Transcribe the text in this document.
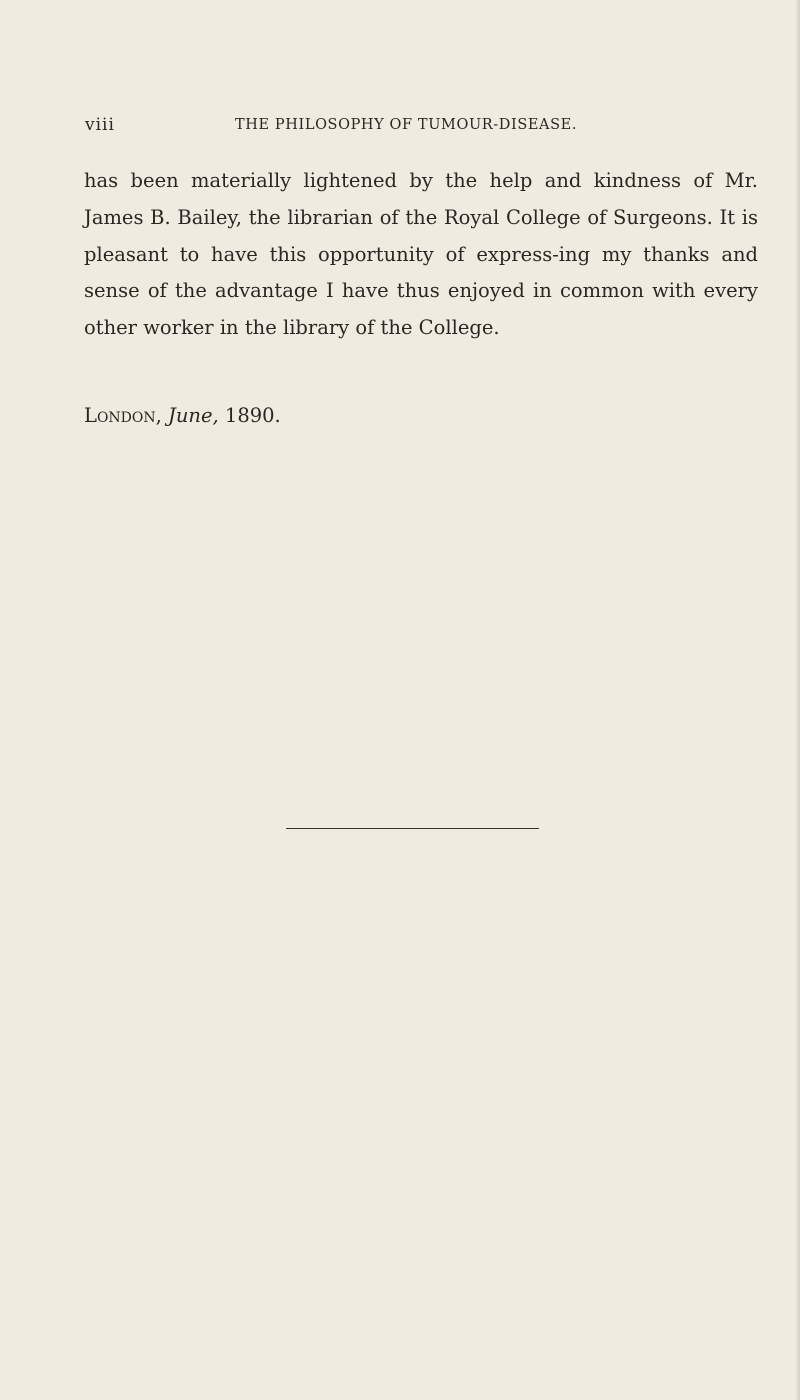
viii	THE PHILOSOPHY OF TUMOUR-DISEASE.

has been materially lightened by the help and kindness of Mr. James B. Bailey, the librarian of the Royal College of Surgeons. It is pleasant to have this opportunity of express-ing my thanks and sense of the advantage I have thus enjoyed in common with every other worker in the library of the College.

London, June, 1890.
